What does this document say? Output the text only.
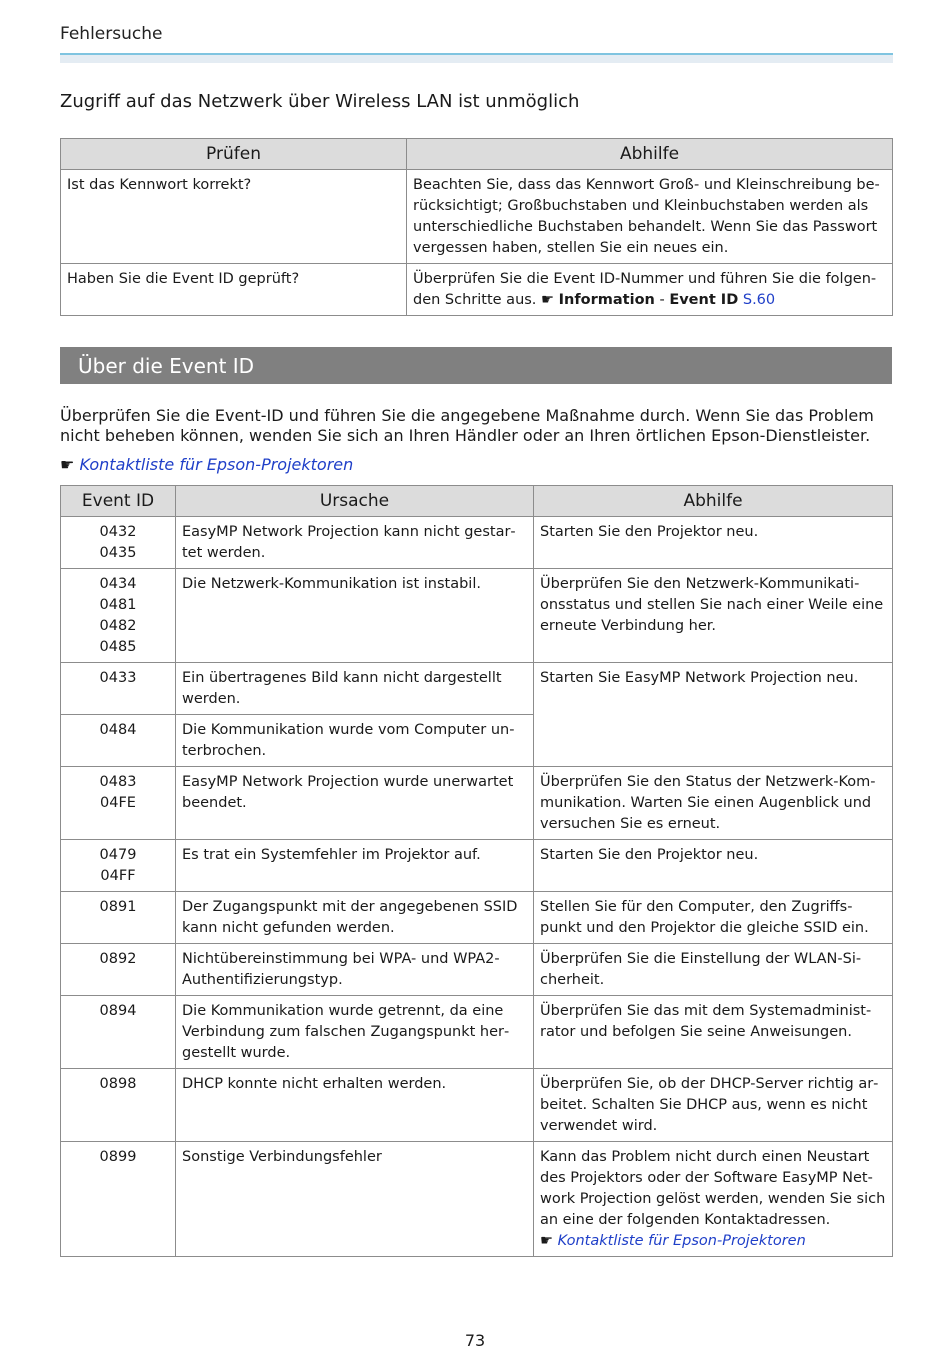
Fehlersuche
Zugriff auf das Netzwerk über Wireless LAN ist unmöglich
Prüfen	Abhilfe
Ist das Kennwort korrekt?	Beachten Sie, dass das Kennwort Groß- und Kleinschreibung berücksichtigt; Großbuchstaben und Kleinbuchstaben werden als unterschiedliche Buchstaben behandelt. Wenn Sie das Passwort vergessen haben, stellen Sie ein neues ein.
Haben Sie die Event ID geprüft?	Überprüfen Sie die Event ID-Nummer und führen Sie die folgenden Schritte aus. ☛ Information - Event ID S.60
Über die Event ID
Überprüfen Sie die Event-ID und führen Sie die angegebene Maßnahme durch. Wenn Sie das Problem nicht beheben können, wenden Sie sich an Ihren Händler oder an Ihren örtlichen Epson-Dienstleister.
☛ Kontaktliste für Epson-Projektoren
Event ID	Ursache	Abhilfe

0432
0435	EasyMP Network Projection kann nicht gestartet werden.	Starten Sie den Projektor neu.

0434
0481
0482
0485	Die Netzwerk-Kommunikation ist instabil.	Überprüfen Sie den Netzwerk-Kommunikationsstatus und stellen Sie nach einer Weile eine erneute Verbindung her.

0433	Ein übertragenes Bild kann nicht dargestellt werden.	Starten Sie EasyMP Network Projection neu.

0484	Die Kommunikation wurde vom Computer unterbrochen.	

0483
04FE	EasyMP Network Projection wurde unerwartet beendet.	Überprüfen Sie den Status der Netzwerk-Kommunikation. Warten Sie einen Augenblick und versuchen Sie es erneut.

0479
04FF	Es trat ein Systemfehler im Projektor auf.	Starten Sie den Projektor neu.

0891	Der Zugangspunkt mit der angegebenen SSID kann nicht gefunden werden.	Stellen Sie für den Computer, den Zugriffspunkt und den Projektor die gleiche SSID ein.

0892	Nichtübereinstimmung bei WPA- und WPA2-Authentifizierungstyp.	Überprüfen Sie die Einstellung der WLAN-Sicherheit.

0894	Die Kommunikation wurde getrennt, da eine Verbindung zum falschen Zugangspunkt hergestellt wurde.	Überprüfen Sie das mit dem Systemadministrator und befolgen Sie seine Anweisungen.

0898	DHCP konnte nicht erhalten werden.	Überprüfen Sie, ob der DHCP-Server richtig arbeitet. Schalten Sie DHCP aus, wenn es nicht verwendet wird.

0899	Sonstige Verbindungsfehler	Kann das Problem nicht durch einen Neustart des Projektors oder der Software EasyMP Network Projection gelöst werden, wenden Sie sich an eine der folgenden Kontaktadressen.
☛ Kontaktliste für Epson-Projektoren
73
